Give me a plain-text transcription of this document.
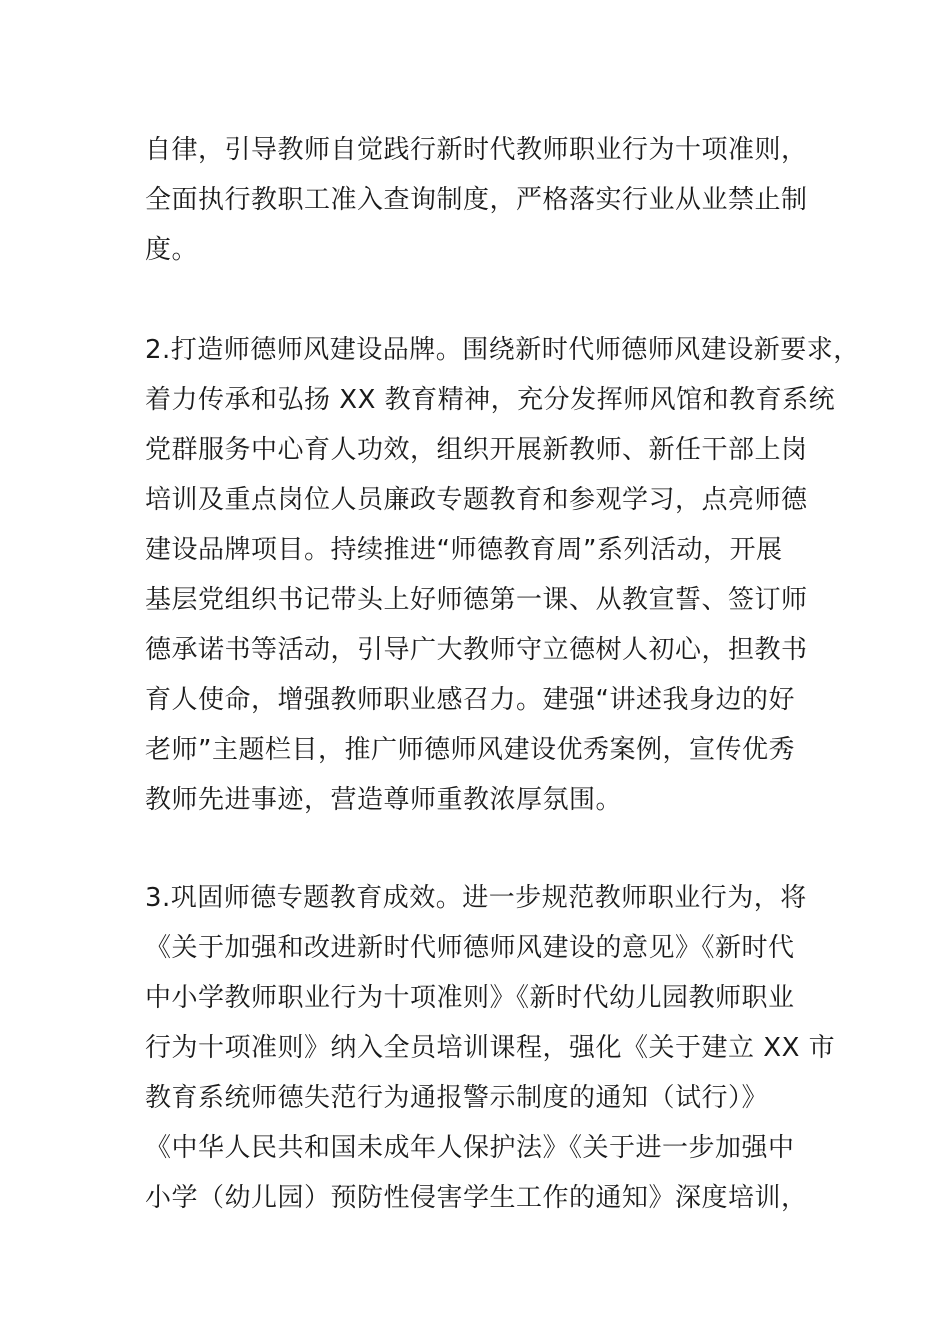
自律，引导教师自觉践行新时代教师职业行为十项准则，
全面执行教职工准入查询制度，严格落实行业从业禁止制
度。
2.打造师德师风建设品牌。围绕新时代师德师风建设新要求，
着力传承和弘扬 XX 教育精神，充分发挥师风馆和教育系统
党群服务中心育人功效，组织开展新教师、新任干部上岗
培训及重点岗位人员廉政专题教育和参观学习，点亮师德
建设品牌项目。持续推进“师德教育周”系列活动，开展
基层党组织书记带头上好师德第一课、从教宣誓、签订师
德承诺书等活动，引导广大教师守立德树人初心，担教书
育人使命，增强教师职业感召力。建强“讲述我身边的好
老师”主题栏目，推广师德师风建设优秀案例，宣传优秀
教师先进事迹，营造尊师重教浓厚氛围。
3.巩固师德专题教育成效。进一步规范教师职业行为，将
《关于加强和改进新时代师德师风建设的意见》《新时代
中小学教师职业行为十项准则》《新时代幼儿园教师职业
行为十项准则》纳入全员培训课程，强化《关于建立 XX 市
教育系统师德失范行为通报警示制度的通知（试行）》
《中华人民共和国未成年人保护法》《关于进一步加强中
小学（幼儿园）预防性侵害学生工作的通知》深度培训，
